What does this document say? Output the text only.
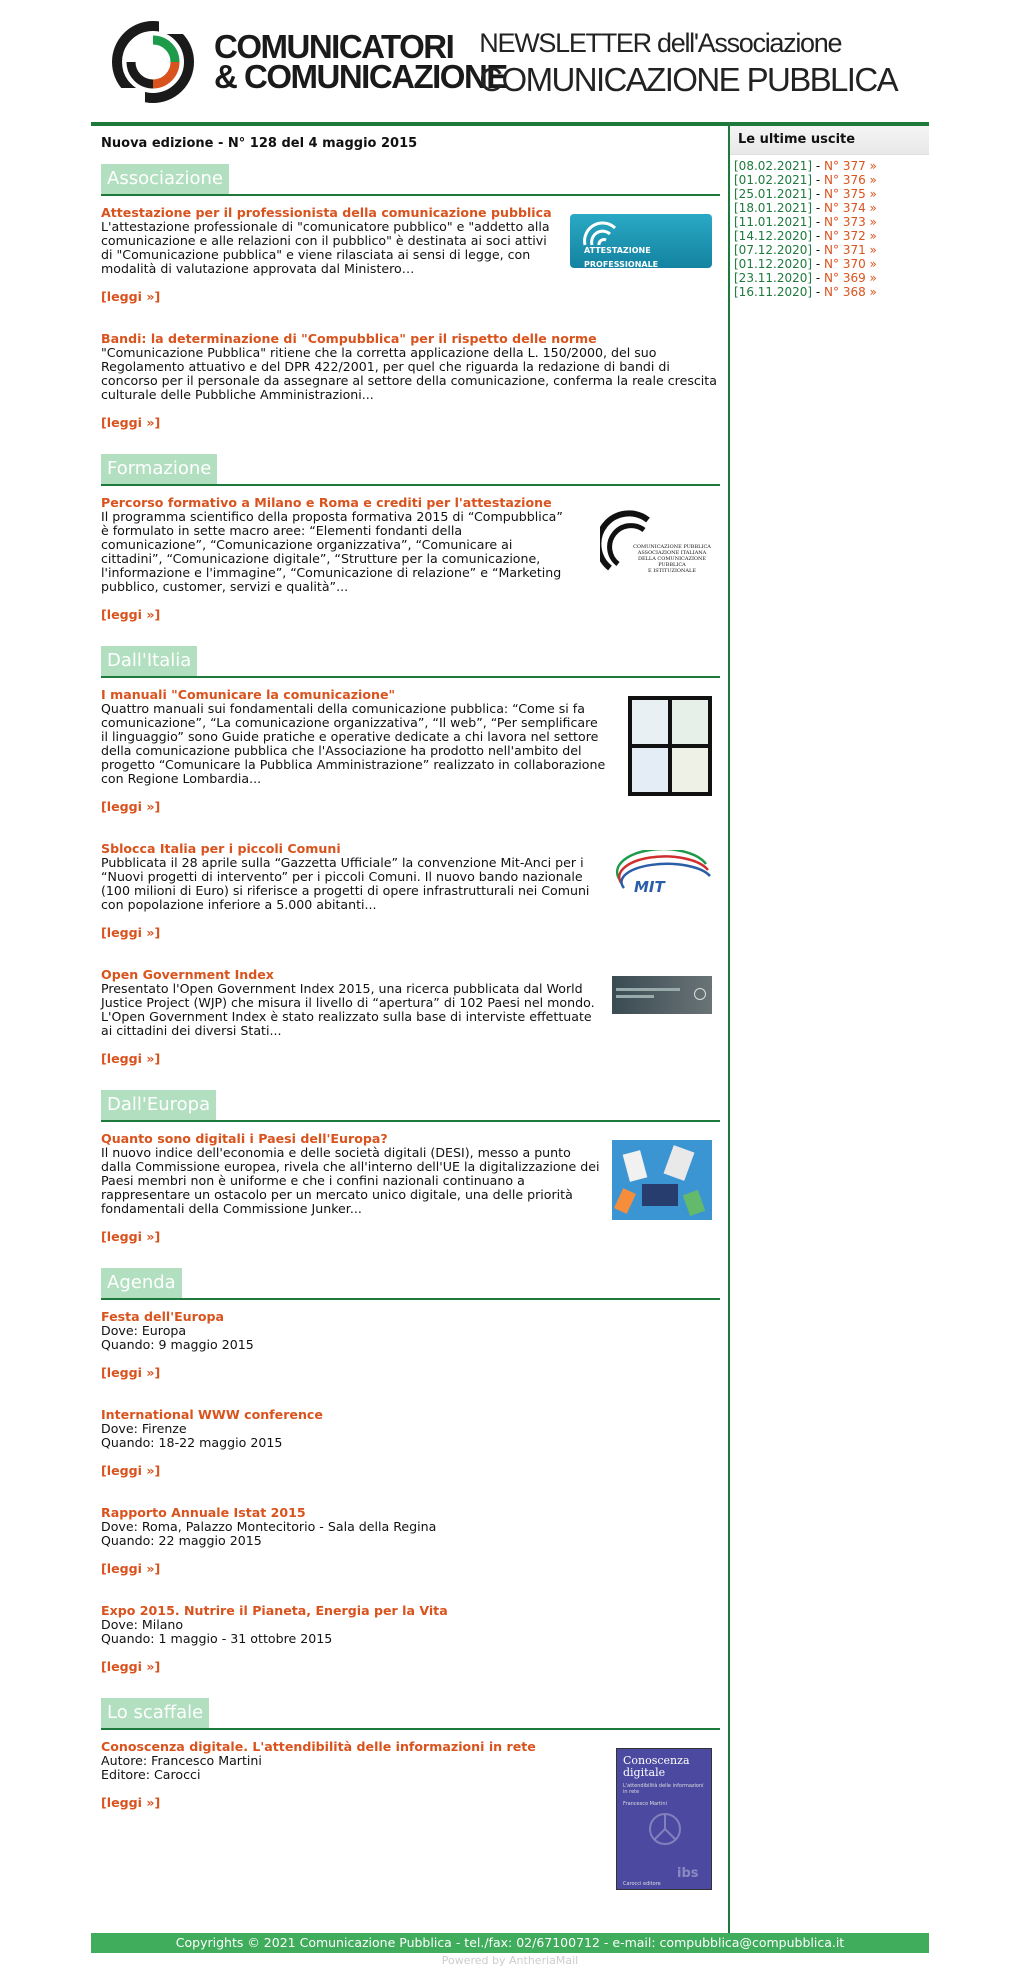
COMUNICATORI
& COMUNICAZIONE
NEWSLETTER dell'Associazione
COMUNICAZIONE PUBBLICA
Nuova edizione - N° 128 del 4 maggio 2015
Associazione
Attestazione per il professionista della comunicazione pubblica
L'attestazione professionale di "comunicatore pubblico" e "addetto alla comunicazione e alle relazioni con il pubblico" è destinata ai soci attivi di "Comunicazione pubblica" e viene rilasciata ai sensi di legge, con modalità di valutazione approvata dal Ministero…
[leggi »]
ATTESTAZIONE PROFESSIONALE
Bandi: la determinazione di "Compubblica" per il rispetto delle norme
"Comunicazione Pubblica" ritiene che la corretta applicazione della L. 150/2000, del suo Regolamento attuativo e del DPR 422/2001, per quel che riguarda la redazione di bandi di concorso per il personale da assegnare al settore della comunicazione, conferma la reale crescita culturale delle Pubbliche Amministrazioni...
[leggi »]
Formazione
Percorso formativo a Milano e Roma e crediti per l'attestazione
Il programma scientifico della proposta formativa 2015 di “Compubblica” è formulato in sette macro aree: “Elementi fondanti della comunicazione”, “Comunicazione organizzativa”, “Comunicare ai cittadini”, “Comunicazione digitale”, “Strutture per la comunicazione, l'informazione e l'immagine”, “Comunicazione di relazione” e “Marketing pubblico, customer, servizi e qualità”...
[leggi »]
COMUNICAZIONE PUBBLICA
ASSOCIAZIONE ITALIANA
DELLA COMUNICAZIONE PUBBLICA
E ISTITUZIONALE
Dall'Italia
I manuali "Comunicare la comunicazione"
Quattro manuali sui fondamentali della comunicazione pubblica: “Come si fa comunicazione”, “La comunicazione organizzativa”, “Il web”, “Per semplificare il linguaggio” sono Guide pratiche e operative dedicate a chi lavora nel settore della comunicazione pubblica che l'Associazione ha prodotto nell'ambito del progetto “Comunicare la Pubblica Amministrazione” realizzato in collaborazione con Regione Lombardia...
[leggi »]
Sblocca Italia per i piccoli Comuni
Pubblicata il 28 aprile sulla “Gazzetta Ufficiale” la convenzione Mit-Anci per i “Nuovi progetti di intervento” per i piccoli Comuni. Il nuovo bando nazionale (100 milioni di Euro) si riferisce a progetti di opere infrastrutturali nei Comuni con popolazione inferiore a 5.000 abitanti...
[leggi »]
MIT
Open Government Index
Presentato l'Open Government Index 2015, una ricerca pubblicata dal World Justice Project (WJP) che misura il livello di “apertura” di 102 Paesi nel mondo. L'Open Government Index è stato realizzato sulla base di interviste effettuate ai cittadini dei diversi Stati...
[leggi »]
Dall'Europa
Quanto sono digitali i Paesi dell'Europa?
Il nuovo indice dell'economia e delle società digitali (DESI), messo a punto dalla Commissione europea, rivela che all'interno dell'UE la digitalizzazione dei Paesi membri non è uniforme e che i confini nazionali continuano a rappresentare un ostacolo per un mercato unico digitale, una delle priorità fondamentali della Commissione Junker...
[leggi »]
Agenda
Festa dell'Europa
Dove: Europa
Quando: 9 maggio 2015
[leggi »]
International WWW conference
Dove: Firenze
Quando: 18-22 maggio 2015
[leggi »]
Rapporto Annuale Istat 2015
Dove: Roma, Palazzo Montecitorio - Sala della Regina
Quando: 22 maggio 2015
[leggi »]
Expo 2015. Nutrire il Pianeta, Energia per la Vita
Dove: Milano
Quando: 1 maggio - 31 ottobre 2015
[leggi »]
Lo scaffale
Conoscenza digitale. L'attendibilità delle informazioni in rete
Autore: Francesco Martini
Editore: Carocci
[leggi »]
Conoscenza digitale
L'attendibilità delle informazioni in rete
Francesco Martini
Carocci editore
ibs
Le ultime uscite
[08.02.2021] - N° 377 »
[01.02.2021] - N° 376 »
[25.01.2021] - N° 375 »
[18.01.2021] - N° 374 »
[11.01.2021] - N° 373 »
[14.12.2020] - N° 372 »
[07.12.2020] - N° 371 »
[01.12.2020] - N° 370 »
[23.11.2020] - N° 369 »
[16.11.2020] - N° 368 »
Copyrights © 2021 Comunicazione Pubblica - tel./fax: 02/67100712 - e-mail: compubblica@compubblica.it
Powered by AntheriaMail
